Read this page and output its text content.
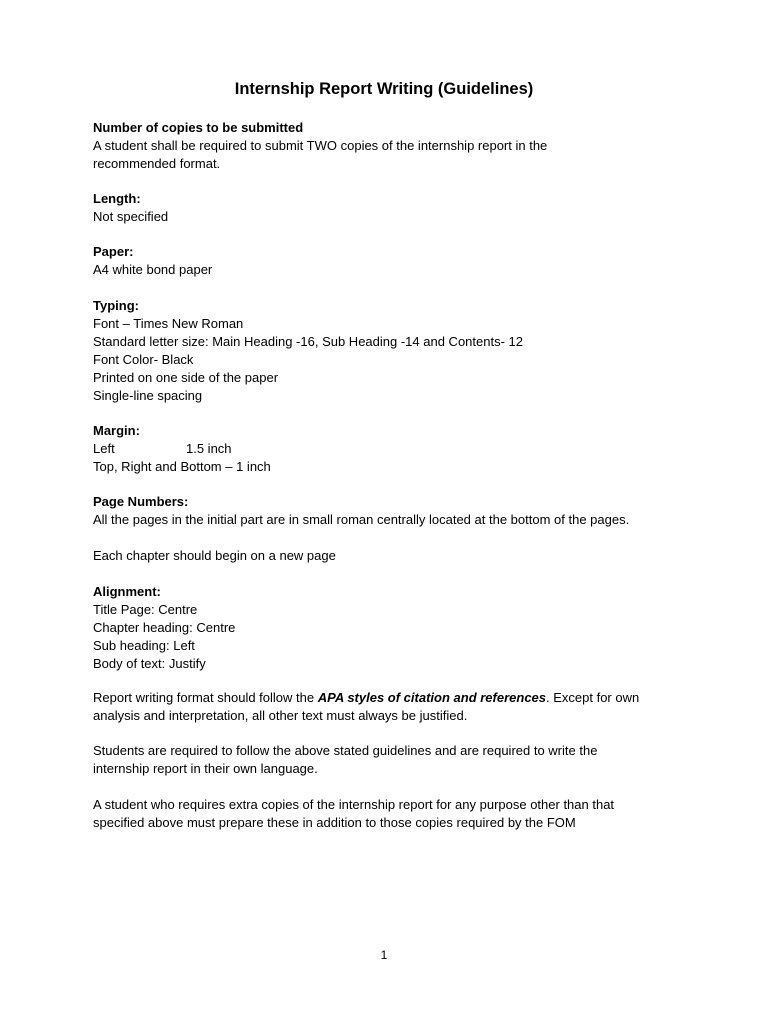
Internship Report Writing (Guidelines)
Number of copies to be submitted
A student shall be required to submit TWO copies of the internship report in the
recommended format.
Length:
Not specified
Paper:
A4 white bond paper
Typing:
Font – Times New Roman
Standard letter size: Main Heading -16, Sub Heading -14 and Contents- 12
Font Color- Black
Printed on one side of the paper
Single-line spacing
Margin:
Left	1.5 inch
Top, Right and Bottom – 1 inch
Page Numbers:
All the pages in the initial part are in small roman centrally located at the bottom of the pages.
Each chapter should begin on a new page
Alignment:
Title Page: Centre
Chapter heading: Centre
Sub heading: Left
Body of text: Justify
Report writing format should follow the APA styles of citation and references. Except for own
analysis and interpretation, all other text must always be justified.
Students are required to follow the above stated guidelines and are required to write the
internship report in their own language.
A student who requires extra copies of the internship report for any purpose other than that
specified above must prepare these in addition to those copies required by the FOM
1
